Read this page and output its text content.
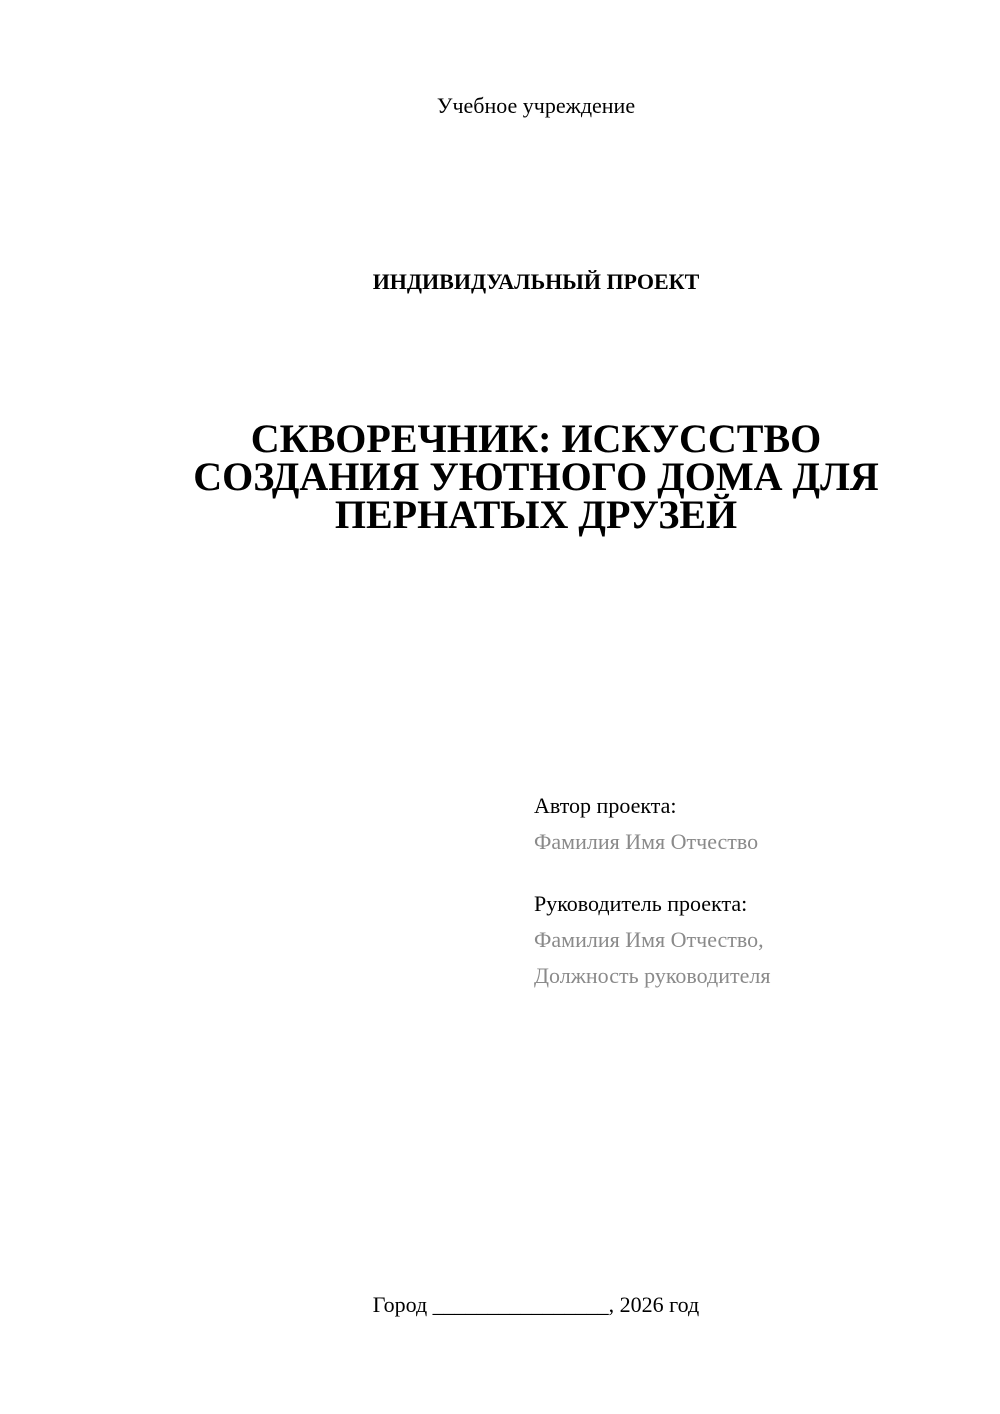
Учебное учреждение
ИНДИВИДУАЛЬНЫЙ ПРОЕКТ
СКВОРЕЧНИК: ИСКУССТВО
СОЗДАНИЯ УЮТНОГО ДОМА ДЛЯ
ПЕРНАТЫХ ДРУЗЕЙ
Автор проекта:
Фамилия Имя Отчество
Руководитель проекта:
Фамилия Имя Отчество,
Должность руководителя
Город ________________, 2026 год
